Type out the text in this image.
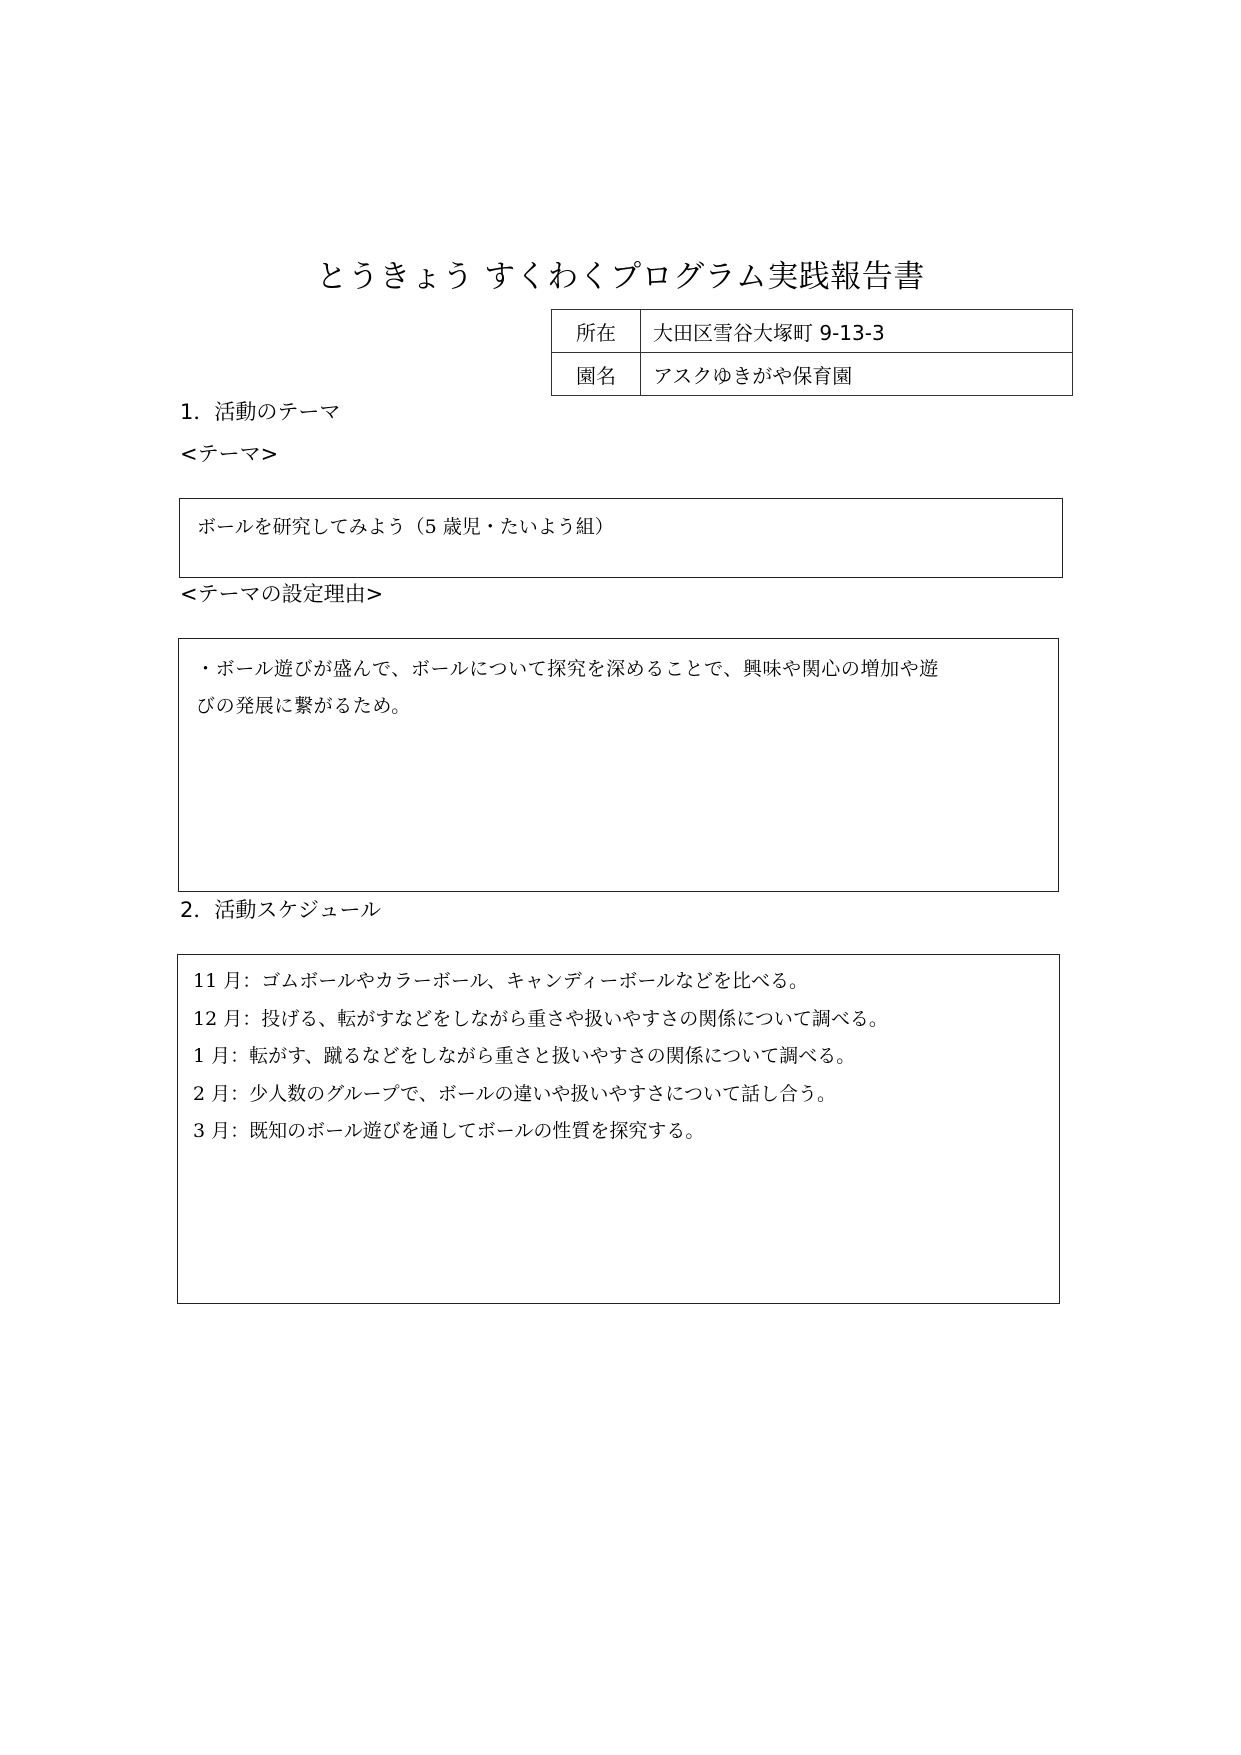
とうきょう すくわくプログラム実践報告書
所在	大田区雪谷大塚町 9-13-3
園名	アスクゆきがや保育園
1．活動のテーマ
<テーマ>
ボールを研究してみよう（5 歳児・たいよう組）
<テーマの設定理由>
・ボール遊びが盛んで、ボールについて探究を深めることで、興味や関心の増加や遊
びの発展に繋がるため。
2．活動スケジュール
11 月：ゴムボールやカラーボール、キャンディーボールなどを比べる。
12 月：投げる、転がすなどをしながら重さや扱いやすさの関係について調べる。
1 月：転がす、蹴るなどをしながら重さと扱いやすさの関係について調べる。
2 月：少人数のグループで、ボールの違いや扱いやすさについて話し合う。
3 月：既知のボール遊びを通してボールの性質を探究する。
